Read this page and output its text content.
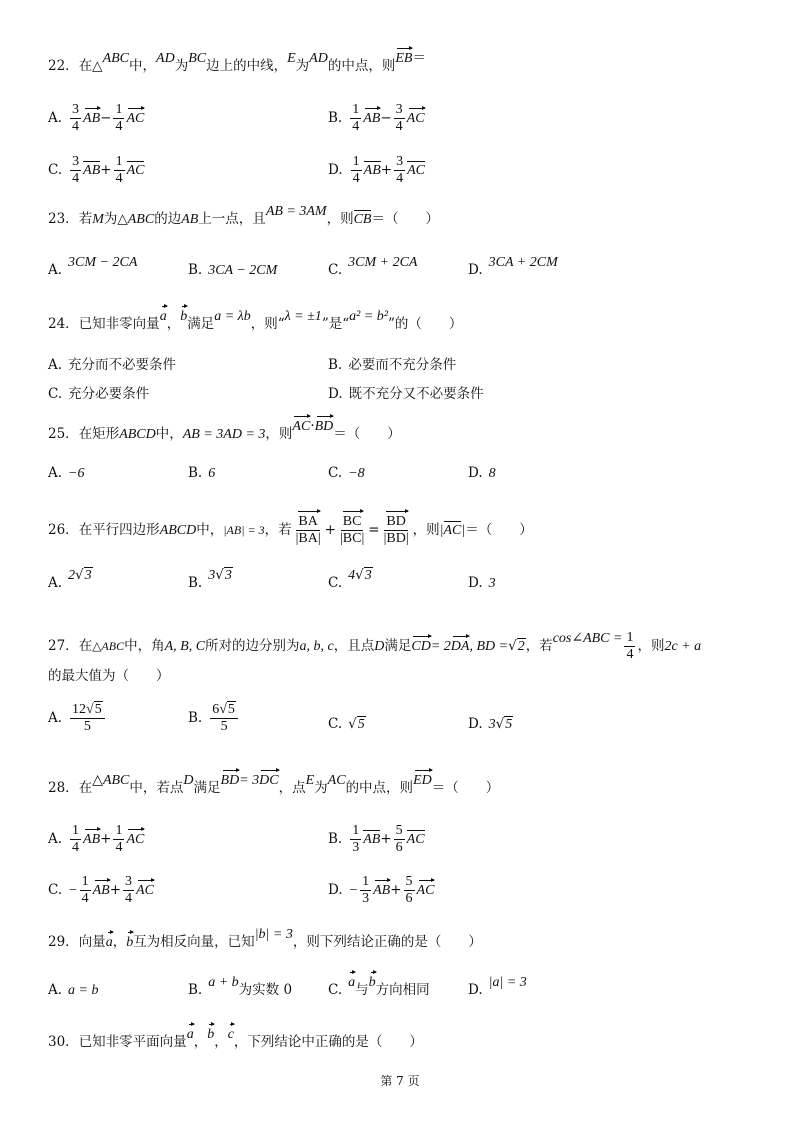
22．在△ABC中，AD为BC边上的中线，E为AD的中点，则EB＝
A. $\frac{3}{4} AB- \frac{1}{4}$ AC	B. $\frac{1}{4} AB- \frac{3}{4}$ AC
C. $\frac{3}{4} AB+ \frac{1}{4}$ AC	D. $\frac{1}{4} AB+ \frac{3}{4}$ AC
23．若M为△ABC的边AB上一点，且AB = 3AM，则CB＝（　　）
A. 3CM − 2CA	B. 3CA − 2CM	C. 3CM + 2CA	D. 3CA + 2CM
24．已知非零向量a，b满足a = λb，则“λ = ±1”是“a² = b²”的（　　）
A. 充分而不必要条件	B. 必要而不充分条件
C. 充分必要条件	D. 既不充分又不必要条件
25．在矩形ABCD中，AB = 3AD = 3，则AC·BD＝（　　）
A. −6	B. 6	C. −8	D. 8
26．在平行四边形ABCD中，|AB| = 3，若 $\frac{BA}{|BA|} + \frac{BC}{|BC|} = \frac{BD}{|BD|}$ ，则|AC|＝（　　）
A. 2√3	B. 3√3	C. 4√3	D. 3
27．在△ABC中，角A, B, C所对的边分别为a, b, c，且点D满足CD= 2DA, BD =√2，若cos∠ABC = $\frac{1}{4}$ ，则2c + a
的最大值为（　　）
A. $\frac{12√5}{5}$	B. $\frac{6√5}{5}$	C. √5	D. 3√5
28．在△ABC中，若点D满足BD= 3DC，点E为AC的中点，则ED＝（　　）
A. $\frac{1}{4} AB+ \frac{1}{4}$ AC	B. $\frac{1}{3} AB+ \frac{5}{6}$ AC
C. − $\frac{1}{4} AB+ \frac{3}{4}$ AC	D. − $\frac{1}{3} AB+ \frac{5}{6}$ AC
29．向量a，b互为相反向量，已知|b| = 3，则下列结论正确的是（　　）
A. a = b	B. a + b为实数 0	C. a与b方向相同	D. |a| = 3
30．已知非零平面向量a，b，c，下列结论中正确的是（　　）
第 7 页
